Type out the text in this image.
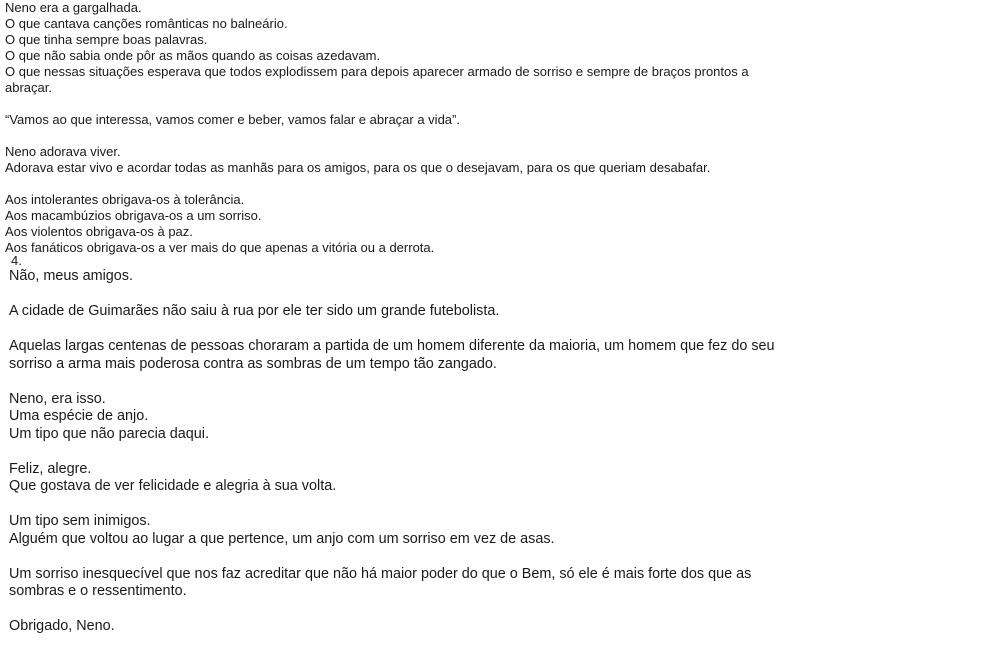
Neno era a gargalhada.
O que cantava canções românticas no balneário.
O que tinha sempre boas palavras.
O que não sabia onde pôr as mãos quando as coisas azedavam.
O que nessas situações esperava que todos explodissem para depois aparecer armado de sorriso e sempre de braços prontos a abraçar.
“Vamos ao que interessa, vamos comer e beber, vamos falar e abraçar a vida”.
Neno adorava viver.
Adorava estar vivo e acordar todas as manhãs para os amigos, para os que o desejavam, para os que queriam desabafar.
Aos intolerantes obrigava-os à tolerância.
Aos macambúzios obrigava-os a um sorriso.
Aos violentos obrigava-os à paz.
Aos fanáticos obrigava-os a ver mais do que apenas a vitória ou a derrota.
4.
Não, meus amigos.
A cidade de Guimarães não saiu à rua por ele ter sido um grande futebolista.
Aquelas largas centenas de pessoas choraram a partida de um homem diferente da maioria, um homem que fez do seu sorriso a arma mais poderosa contra as sombras de um tempo tão zangado.
Neno, era isso.
Uma espécie de anjo.
Um tipo que não parecia daqui.
Feliz, alegre.
Que gostava de ver felicidade e alegria à sua volta.
Um tipo sem inimigos.
Alguém que voltou ao lugar a que pertence, um anjo com um sorriso em vez de asas.
Um sorriso inesquecível que nos faz acreditar que não há maior poder do que o Bem, só ele é mais forte dos que as sombras e o ressentimento.
Obrigado, Neno.
